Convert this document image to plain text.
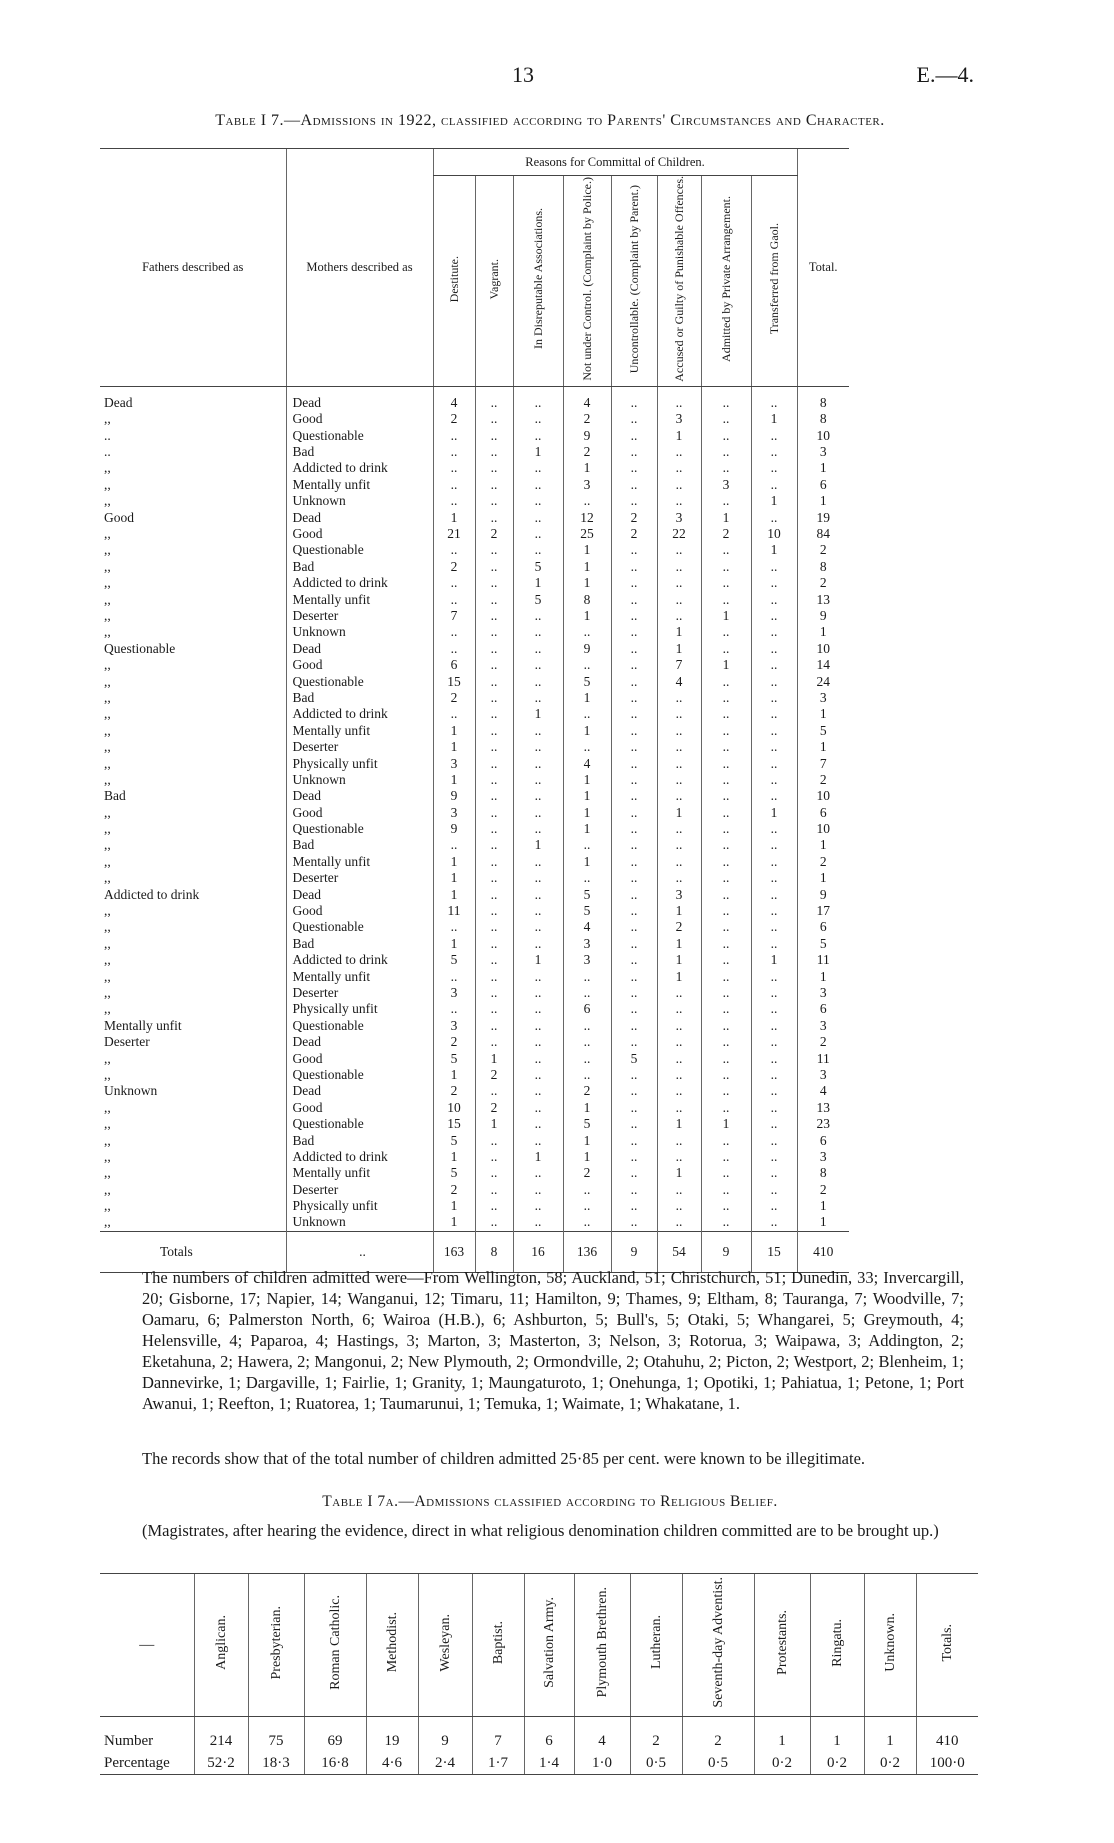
13	E.—4.
Table I 7.—Admissions in 1922, classified according to Parents' Circumstances and Character.
Fathers described as	Mothers described as	Reasons for Committal of Children.								Total.
		Destitute.	Vagrant.	In Disreputable Associations.	Not under Control. (Complaint by Police.)	Uncontrollable. (Complaint by Parent.)	Accused or Guilty of Punishable Offences.	Admitted by Private Arrangement.	Transferred from Gaol.	
Dead	Dead	4	..	..	4	..	..	..	..	8
,,	Good	2	..	..	2	..	3	..	1	8
..	Questionable	..	..	..	9	..	1	..	..	10
..	Bad	..	..	1	2	..	..	..	..	3
,,	Addicted to drink	..	..	..	1	..	..	..	..	1
,,	Mentally unfit	..	..	..	3	..	..	3	..	6
,,	Unknown	..	..	..	..	..	..	..	1	1
Good	Dead	1	..	..	12	2	3	1	..	19
,,	Good	21	2	..	25	2	22	2	10	84
,,	Questionable	..	..	..	1	..	..	..	1	2
,,	Bad	2	..	5	1	..	..	..	..	8
,,	Addicted to drink	..	..	1	1	..	..	..	..	2
,,	Mentally unfit	..	..	5	8	..	..	..	..	13
,,	Deserter	7	..	..	1	..	..	1	..	9
,,	Unknown	..	..	..	..	..	1	..	..	1
Questionable	Dead	..	..	..	9	..	1	..	..	10
,,	Good	6	..	..	..	..	7	1	..	14
,,	Questionable	15	..	..	5	..	4	..	..	24
,,	Bad	2	..	..	1	..	..	..	..	3
,,	Addicted to drink	..	..	1	..	..	..	..	..	1
,,	Mentally unfit	1	..	..	1	..	..	..	..	5
,,	Deserter	1	..	..	..	..	..	..	..	1
,,	Physically unfit	3	..	..	4	..	..	..	..	7
,,	Unknown	1	..	..	1	..	..	..	..	2
Bad	Dead	9	..	..	1	..	..	..	..	10
,,	Good	3	..	..	1	..	1	..	1	6
,,	Questionable	9	..	..	1	..	..	..	..	10
,,	Bad	..	..	1	..	..	..	..	..	1
,,	Mentally unfit	1	..	..	1	..	..	..	..	2
,,	Deserter	1	..	..	..	..	..	..	..	1
Addicted to drink	Dead	1	..	..	5	..	3	..	..	9
,,	Good	11	..	..	5	..	1	..	..	17
,,	Questionable	..	..	..	4	..	2	..	..	6
,,	Bad	1	..	..	3	..	1	..	..	5
,,	Addicted to drink	5	..	1	3	..	1	..	1	11
,,	Mentally unfit	..	..	..	..	..	1	..	..	1
,,	Deserter	3	..	..	..	..	..	..	..	3
,,	Physically unfit	..	..	..	6	..	..	..	..	6
Mentally unfit	Questionable	3	..	..	..	..	..	..	..	3
Deserter	Dead	2	..	..	..	..	..	..	..	2
,,	Good	5	1	..	..	5	..	..	..	11
,,	Questionable	1	2	..	..	..	..	..	..	3
Unknown	Dead	2	..	..	2	..	..	..	..	4
,,	Good	10	2	..	1	..	..	..	..	13
,,	Questionable	15	1	..	5	..	1	1	..	23
,,	Bad	5	..	..	1	..	..	..	..	6
,,	Addicted to drink	1	..	1	1	..	..	..	..	3
,,	Mentally unfit	5	..	..	2	..	1	..	..	8
,,	Deserter	2	..	..	..	..	..	..	..	2
,,	Physically unfit	1	..	..	..	..	..	..	..	1
,,	Unknown	1	..	..	..	..	..	..	..	1
Totals	..	163	8	16	136	9	54	9	15	410
The numbers of children admitted were—From Wellington, 58; Auckland, 51; Christchurch, 51; Dunedin, 33; Invercargill, 20; Gisborne, 17; Napier, 14; Wanganui, 12; Timaru, 11; Hamilton, 9; Thames, 9; Eltham, 8; Tauranga, 7; Woodville, 7; Oamaru, 6; Palmerston North, 6; Wairoa (H.B.), 6; Ashburton, 5; Bull's, 5; Otaki, 5; Whangarei, 5; Greymouth, 4; Helensville, 4; Paparoa, 4; Hastings, 3; Marton, 3; Masterton, 3; Nelson, 3; Rotorua, 3; Waipawa, 3; Addington, 2; Eketahuna, 2; Hawera, 2; Mangonui, 2; New Plymouth, 2; Ormondville, 2; Otahuhu, 2; Picton, 2; Westport, 2; Blenheim, 1; Dannevirke, 1; Dargaville, 1; Fairlie, 1; Granity, 1; Maungaturoto, 1; Onehunga, 1; Opotiki, 1; Pahiatua, 1; Petone, 1; Port Awanui, 1; Reefton, 1; Ruatorea, 1; Taumarunui, 1; Temuka, 1; Waimate, 1; Whakatane, 1.
The records show that of the total number of children admitted 25·85 per cent. were known to be illegitimate.
Table I 7a.—Admissions classified according to Religious Belief.
(Magistrates, after hearing the evidence, direct in what religious denomination children committed are to be brought up.)
—	Anglican.	Presbyterian.	Roman Catholic.	Methodist.	Wesleyan.	Baptist.	Salvation Army.	Plymouth Brethren.	Lutheran.	Seventh-day Adventist.	Protestants.	Ringatu.	Unknown.	Totals.
Number	214	75	69	19	9	7	6	4	2	2	1	1	1	410
Percentage	52·2	18·3	16·8	4·6	2·4	1·7	1·4	1·0	0·5	0·5	0·2	0·2	0·2	100·0
